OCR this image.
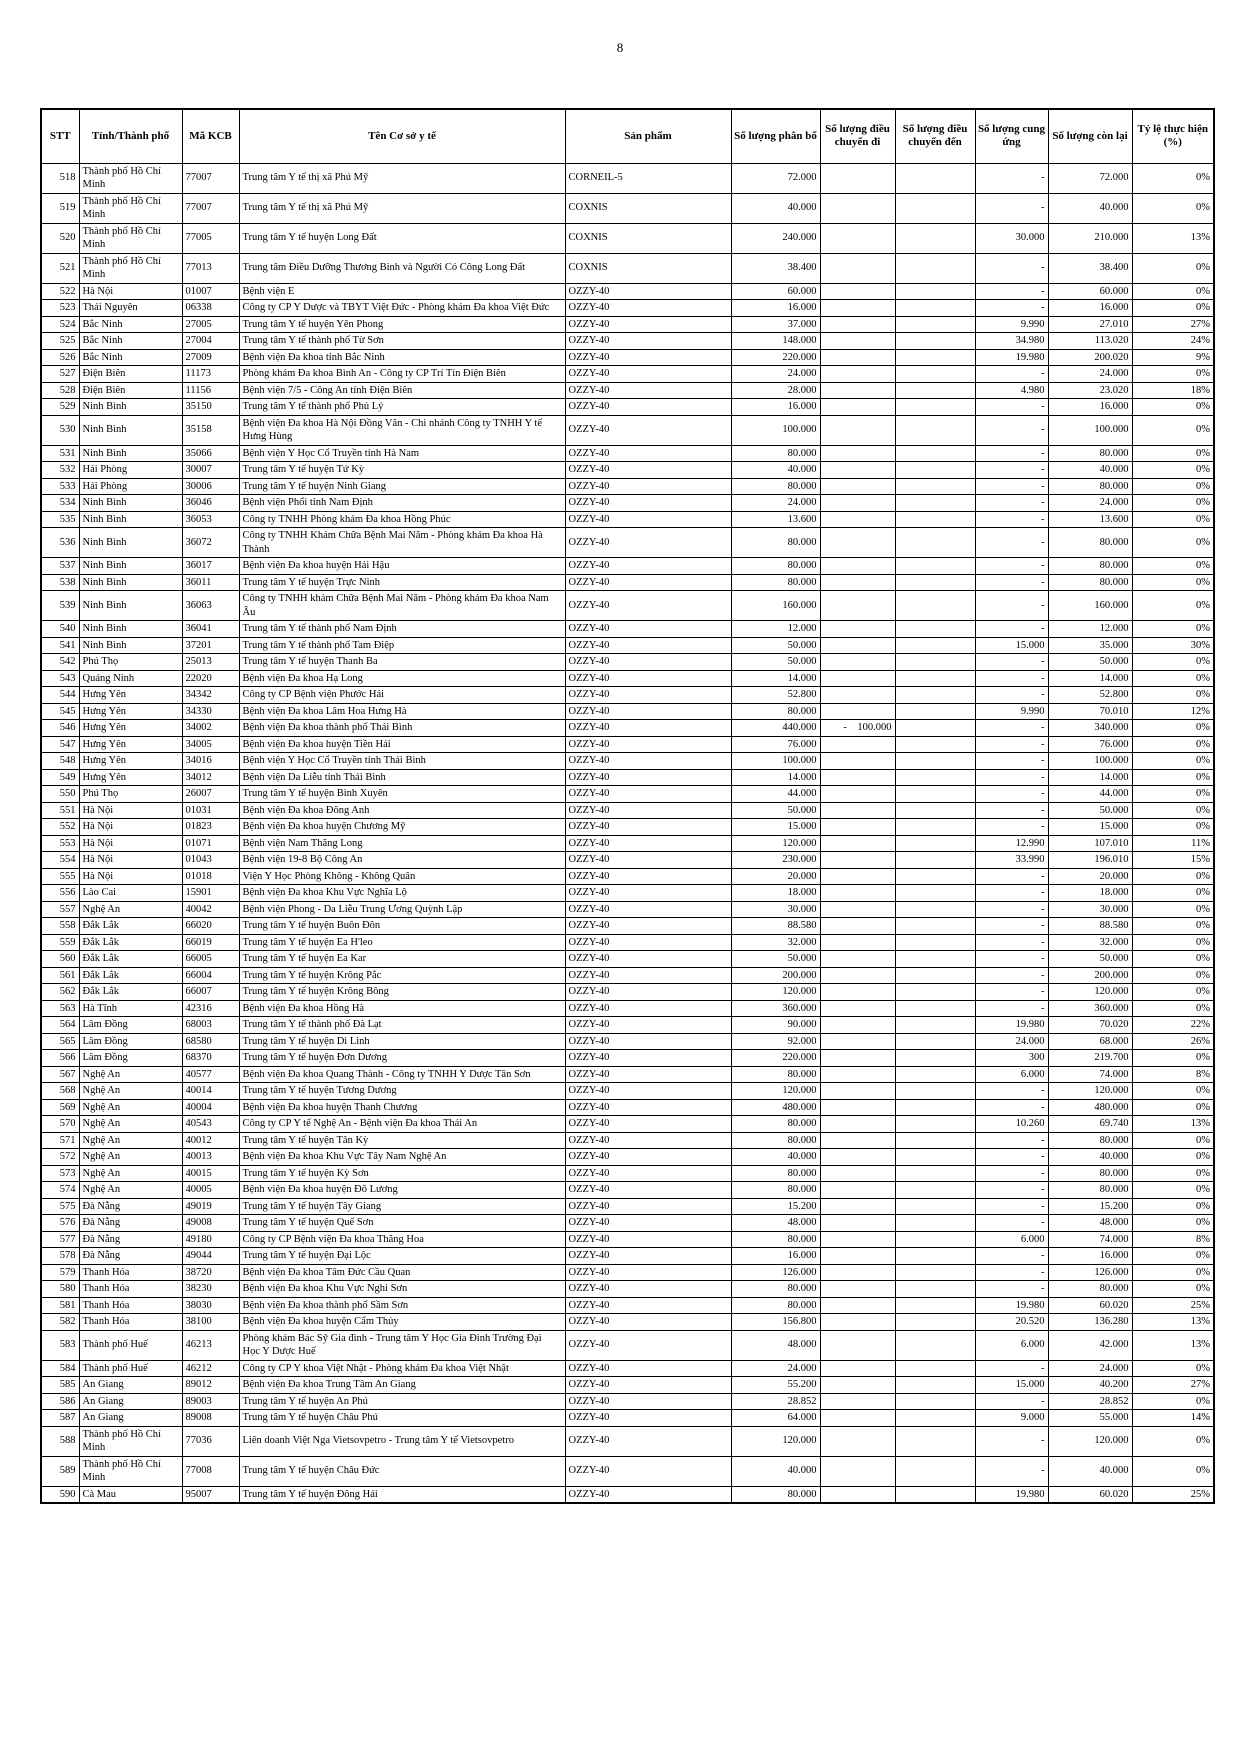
8
STT	Tỉnh/Thành phố	Mã KCB	Tên Cơ sở y tế	Sản phẩm	Số lượng phân bổ	Số lượng điều chuyển đi	Số lượng điều chuyển đến	Số lượng cung ứng	Số lượng còn lại	Tỷ lệ thực hiện (%)
518	Thành phố Hồ Chí Minh	77007	Trung tâm Y tế thị xã Phú Mỹ	CORNEIL-5	72.000			-	72.000	0%
519	Thành phố Hồ Chí Minh	77007	Trung tâm Y tế thị xã Phú Mỹ	COXNIS	40.000			-	40.000	0%
520	Thành phố Hồ Chí Minh	77005	Trung tâm Y tế huyện Long Đất	COXNIS	240.000			30.000	210.000	13%
521	Thành phố Hồ Chí Minh	77013	Trung tâm Điều Dưỡng Thương Binh và Người Có Công Long Đất	COXNIS	38.400			-	38.400	0%
522	Hà Nội	01007	Bệnh viện E	OZZY-40	60.000			-	60.000	0%
523	Thái Nguyên	06338	Công ty CP Y Dược và TBYT Việt Đức - Phòng khám Đa khoa Việt Đức	OZZY-40	16.000			-	16.000	0%
524	Bắc Ninh	27005	Trung tâm Y tế huyện Yên Phong	OZZY-40	37.000			9.990	27.010	27%
525	Bắc Ninh	27004	Trung tâm Y tế thành phố Từ Sơn	OZZY-40	148.000			34.980	113.020	24%
526	Bắc Ninh	27009	Bệnh viện Đa khoa tỉnh Bắc Ninh	OZZY-40	220.000			19.980	200.020	9%
527	Điện Biên	11173	Phòng khám Đa khoa Bình An - Công ty CP Trí Tín Điện Biên	OZZY-40	24.000			-	24.000	0%
528	Điện Biên	11156	Bệnh viện 7/5 - Công An tỉnh Điện Biên	OZZY-40	28.000			4.980	23.020	18%
529	Ninh Bình	35150	Trung tâm Y tế thành phố Phủ Lý	OZZY-40	16.000			-	16.000	0%
530	Ninh Bình	35158	Bệnh viện Đa khoa Hà Nội Đồng Văn - Chi nhánh Công ty TNHH Y tế Hưng Hùng	OZZY-40	100.000			-	100.000	0%
531	Ninh Bình	35066	Bệnh viện Y Học Cổ Truyền tỉnh Hà Nam	OZZY-40	80.000			-	80.000	0%
532	Hải Phòng	30007	Trung tâm Y tế huyện Tứ Kỳ	OZZY-40	40.000			-	40.000	0%
533	Hải Phòng	30006	Trung tâm Y tế huyện Ninh Giang	OZZY-40	80.000			-	80.000	0%
534	Ninh Bình	36046	Bệnh viện Phổi tỉnh Nam Định	OZZY-40	24.000			-	24.000	0%
535	Ninh Bình	36053	Công ty TNHH Phòng khám Đa khoa Hồng Phúc	OZZY-40	13.600			-	13.600	0%
536	Ninh Bình	36072	Công ty TNHH Khám Chữa Bệnh Mai Năm - Phòng khám Đa khoa Hà Thành	OZZY-40	80.000			-	80.000	0%
537	Ninh Bình	36017	Bệnh viện Đa khoa huyện Hải Hậu	OZZY-40	80.000			-	80.000	0%
538	Ninh Bình	36011	Trung tâm Y tế huyện Trực Ninh	OZZY-40	80.000			-	80.000	0%
539	Ninh Bình	36063	Công ty TNHH khám Chữa Bệnh Mai Năm - Phòng khám Đa khoa Nam Âu	OZZY-40	160.000			-	160.000	0%
540	Ninh Bình	36041	Trung tâm Y tế thành phố Nam Định	OZZY-40	12.000			-	12.000	0%
541	Ninh Bình	37201	Trung tâm Y tế thành phố Tam Điệp	OZZY-40	50.000			15.000	35.000	30%
542	Phú Thọ	25013	Trung tâm Y tế huyện Thanh Ba	OZZY-40	50.000			-	50.000	0%
543	Quảng Ninh	22020	Bệnh viện Đa khoa Hạ Long	OZZY-40	14.000			-	14.000	0%
544	Hưng Yên	34342	Công ty CP Bệnh viện Phước Hải	OZZY-40	52.800			-	52.800	0%
545	Hưng Yên	34330	Bệnh viện Đa khoa Lâm Hoa Hưng Hà	OZZY-40	80.000			9.990	70.010	12%
546	Hưng Yên	34002	Bệnh viện Đa khoa thành phố Thái Bình	OZZY-40	440.000	-    100.000		-	340.000	0%
547	Hưng Yên	34005	Bệnh viện Đa khoa huyện Tiền Hải	OZZY-40	76.000			-	76.000	0%
548	Hưng Yên	34016	Bệnh viện Y Học Cổ Truyền tỉnh Thái Bình	OZZY-40	100.000			-	100.000	0%
549	Hưng Yên	34012	Bệnh viện Da Liễu tỉnh Thái Bình	OZZY-40	14.000			-	14.000	0%
550	Phú Thọ	26007	Trung tâm Y tế huyện Bình Xuyên	OZZY-40	44.000			-	44.000	0%
551	Hà Nội	01031	Bệnh viện Đa khoa Đông Anh	OZZY-40	50.000			-	50.000	0%
552	Hà Nội	01823	Bệnh viện Đa khoa huyện Chương Mỹ	OZZY-40	15.000			-	15.000	0%
553	Hà Nội	01071	Bệnh viện Nam Thăng Long	OZZY-40	120.000			12.990	107.010	11%
554	Hà Nội	01043	Bệnh viện 19-8 Bộ Công An	OZZY-40	230.000			33.990	196.010	15%
555	Hà Nội	01018	Viện Y Học Phòng Không - Không Quân	OZZY-40	20.000			-	20.000	0%
556	Lào Cai	15901	Bệnh viện Đa khoa Khu Vực Nghĩa Lộ	OZZY-40	18.000			-	18.000	0%
557	Nghệ An	40042	Bệnh viện Phong - Da Liễu Trung Ương Quỳnh Lập	OZZY-40	30.000			-	30.000	0%
558	Đắk Lắk	66020	Trung tâm Y tế huyện Buôn Đôn	OZZY-40	88.580			-	88.580	0%
559	Đắk Lắk	66019	Trung tâm Y tế huyện Ea H'leo	OZZY-40	32.000			-	32.000	0%
560	Đắk Lắk	66005	Trung tâm Y tế huyện Ea Kar	OZZY-40	50.000			-	50.000	0%
561	Đắk Lắk	66004	Trung tâm Y tế huyện Krông Pắc	OZZY-40	200.000			-	200.000	0%
562	Đắk Lắk	66007	Trung tâm Y tế huyện Krông Bông	OZZY-40	120.000			-	120.000	0%
563	Hà Tĩnh	42316	Bệnh viện Đa khoa Hồng Hà	OZZY-40	360.000			-	360.000	0%
564	Lâm Đồng	68003	Trung tâm Y tế thành phố Đà Lạt	OZZY-40	90.000			19.980	70.020	22%
565	Lâm Đồng	68580	Trung tâm Y tế huyện Di Linh	OZZY-40	92.000			24.000	68.000	26%
566	Lâm Đồng	68370	Trung tâm Y tế huyện Đơn Dương	OZZY-40	220.000			300	219.700	0%
567	Nghệ An	40577	Bệnh viện Đa khoa Quang Thành - Công ty TNHH Y Dược Tân Sơn	OZZY-40	80.000			6.000	74.000	8%
568	Nghệ An	40014	Trung tâm Y tế huyện Tương Dương	OZZY-40	120.000			-	120.000	0%
569	Nghệ An	40004	Bệnh viện Đa khoa huyện Thanh Chương	OZZY-40	480.000			-	480.000	0%
570	Nghệ An	40543	Công ty CP Y tế Nghệ An - Bệnh viện Đa khoa Thái An	OZZY-40	80.000			10.260	69.740	13%
571	Nghệ An	40012	Trung tâm Y tế huyện Tân Kỳ	OZZY-40	80.000			-	80.000	0%
572	Nghệ An	40013	Bệnh viện Đa khoa Khu Vực Tây Nam Nghệ An	OZZY-40	40.000			-	40.000	0%
573	Nghệ An	40015	Trung tâm Y tế huyện Kỳ Sơn	OZZY-40	80.000			-	80.000	0%
574	Nghệ An	40005	Bệnh viện Đa khoa huyện Đô Lương	OZZY-40	80.000			-	80.000	0%
575	Đà Nẵng	49019	Trung tâm Y tế huyện Tây Giang	OZZY-40	15.200			-	15.200	0%
576	Đà Nẵng	49008	Trung tâm Y tế huyện Quế Sơn	OZZY-40	48.000			-	48.000	0%
577	Đà Nẵng	49180	Công ty CP Bệnh viện Đa khoa Thăng Hoa	OZZY-40	80.000			6.000	74.000	8%
578	Đà Nẵng	49044	Trung tâm Y tế huyện Đại Lộc	OZZY-40	16.000			-	16.000	0%
579	Thanh Hóa	38720	Bệnh viện Đa khoa Tâm Đức Cầu Quan	OZZY-40	126.000			-	126.000	0%
580	Thanh Hóa	38230	Bệnh viện Đa khoa Khu Vực Nghi Sơn	OZZY-40	80.000			-	80.000	0%
581	Thanh Hóa	38030	Bệnh viện Đa khoa thành phố Sầm Sơn	OZZY-40	80.000			19.980	60.020	25%
582	Thanh Hóa	38100	Bệnh viện Đa khoa huyện Cẩm Thủy	OZZY-40	156.800			20.520	136.280	13%
583	Thành phố Huế	46213	Phòng khám Bác Sỹ Gia đình - Trung tâm Y Học Gia Đình Trường Đại Học Y Dược Huế	OZZY-40	48.000			6.000	42.000	13%
584	Thành phố Huế	46212	Công ty CP Y khoa Việt Nhật - Phòng khám Đa khoa Việt Nhật	OZZY-40	24.000			-	24.000	0%
585	An Giang	89012	Bệnh viện Đa khoa Trung Tâm An Giang	OZZY-40	55.200			15.000	40.200	27%
586	An Giang	89003	Trung tâm Y tế huyện An Phú	OZZY-40	28.852			-	28.852	0%
587	An Giang	89008	Trung tâm Y tế huyện Châu Phú	OZZY-40	64.000			9.000	55.000	14%
588	Thành phố Hồ Chí Minh	77036	Liên doanh Việt Nga Vietsovpetro - Trung tâm Y tế Vietsovpetro	OZZY-40	120.000			-	120.000	0%
589	Thành phố Hồ Chí Minh	77008	Trung tâm Y tế huyện Châu Đức	OZZY-40	40.000			-	40.000	0%
590	Cà Mau	95007	Trung tâm Y tế huyện Đông Hải	OZZY-40	80.000			19.980	60.020	25%
